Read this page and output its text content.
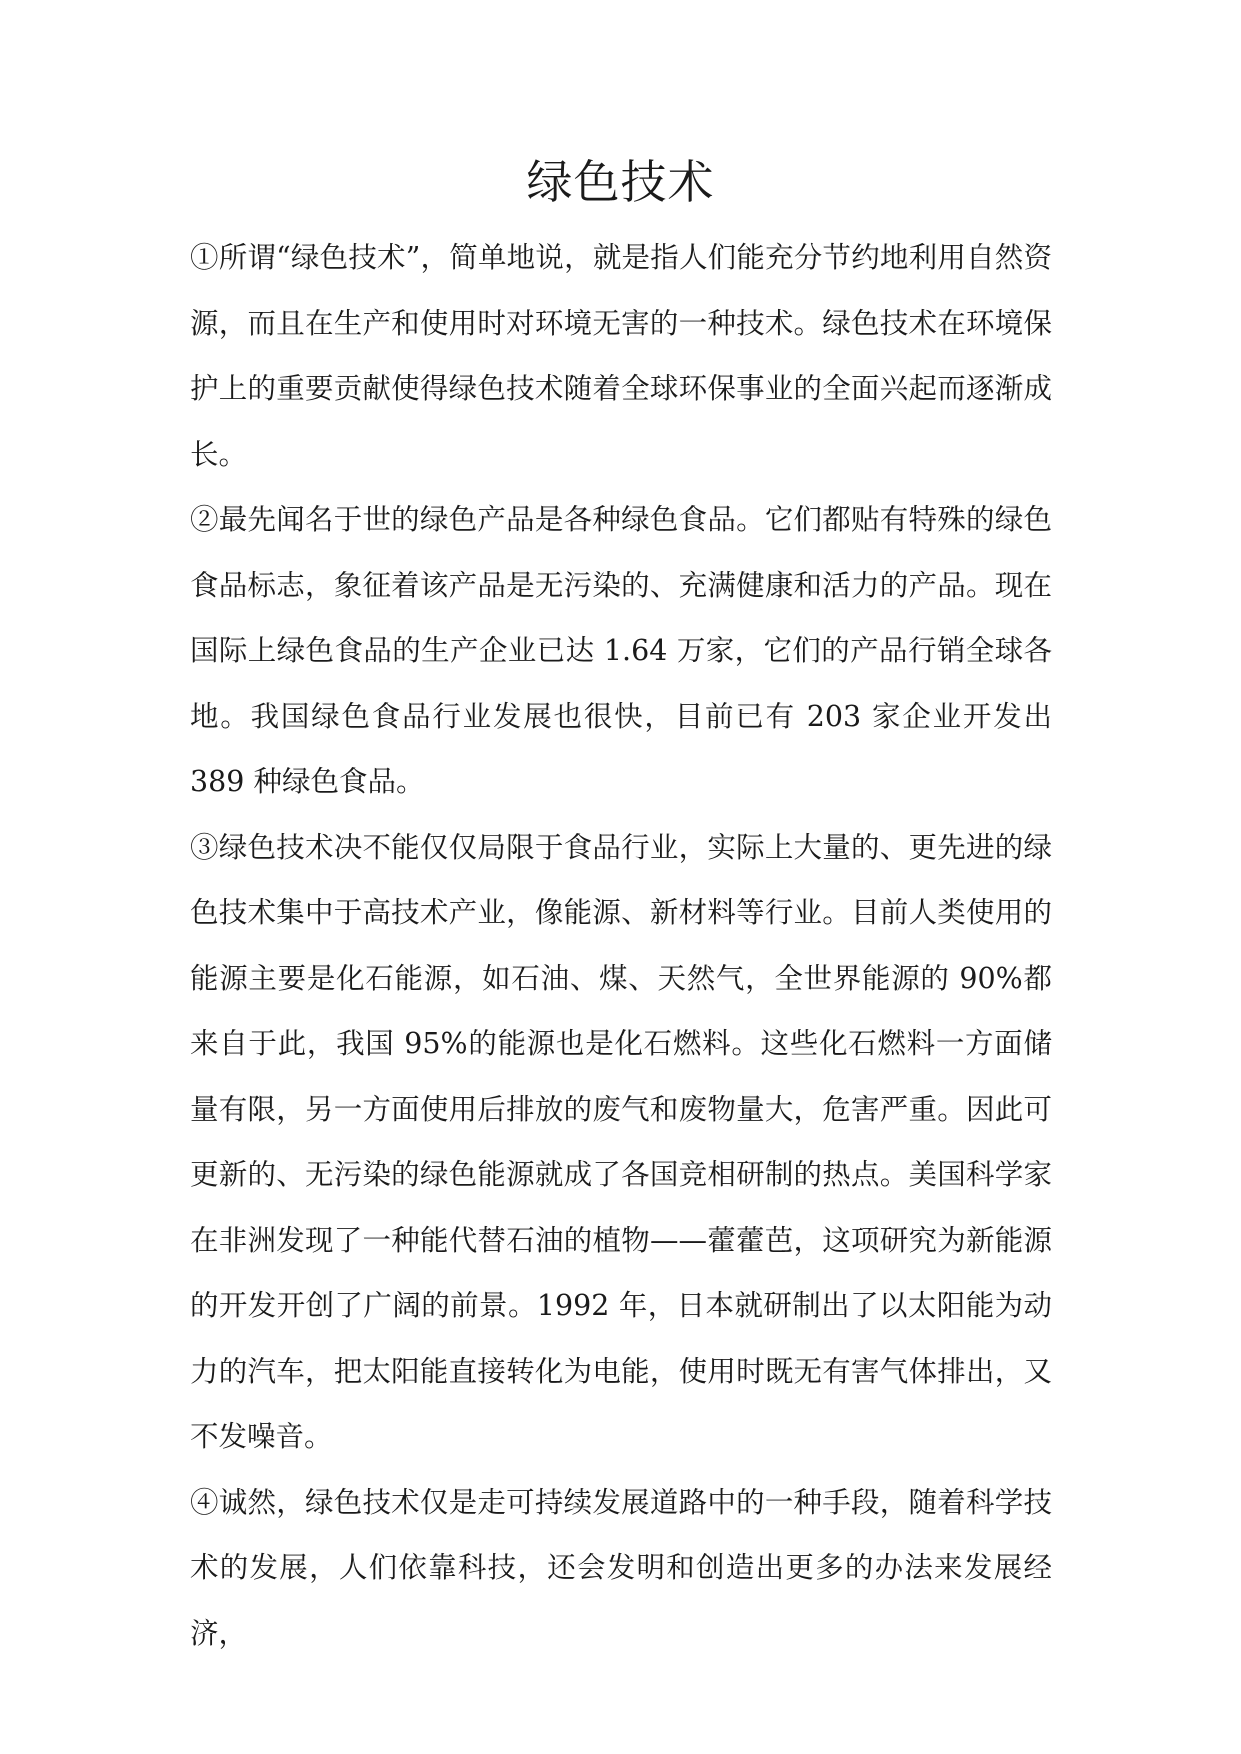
绿色技术

①所谓“绿色技术”，简单地说，就是指人们能充分节约地利用自然资源，而且在生产和使用时对环境无害的一种技术。绿色技术在环境保护上的重要贡献使得绿色技术随着全球环保事业的全面兴起而逐渐成长。

②最先闻名于世的绿色产品是各种绿色食品。它们都贴有特殊的绿色食品标志，象征着该产品是无污染的、充满健康和活力的产品。现在国际上绿色食品的生产企业已达 1.64 万家，它们的产品行销全球各地。我国绿色食品行业发展也很快，目前已有 203 家企业开发出 389 种绿色食品。

③绿色技术决不能仅仅局限于食品行业，实际上大量的、更先进的绿色技术集中于高技术产业，像能源、新材料等行业。目前人类使用的能源主要是化石能源，如石油、煤、天然气，全世界能源的 90%都来自于此，我国 95%的能源也是化石燃料。这些化石燃料一方面储量有限，另一方面使用后排放的废气和废物量大，危害严重。因此可更新的、无污染的绿色能源就成了各国竞相研制的热点。美国科学家在非洲发现了一种能代替石油的植物——藿藿芭，这项研究为新能源的开发开创了广阔的前景。1992 年，日本就研制出了以太阳能为动力的汽车，把太阳能直接转化为电能，使用时既无有害气体排出，又不发噪音。

④诚然，绿色技术仅是走可持续发展道路中的一种手段，随着科学技术的发展，人们依靠科技，还会发明和创造出更多的办法来发展经济，
